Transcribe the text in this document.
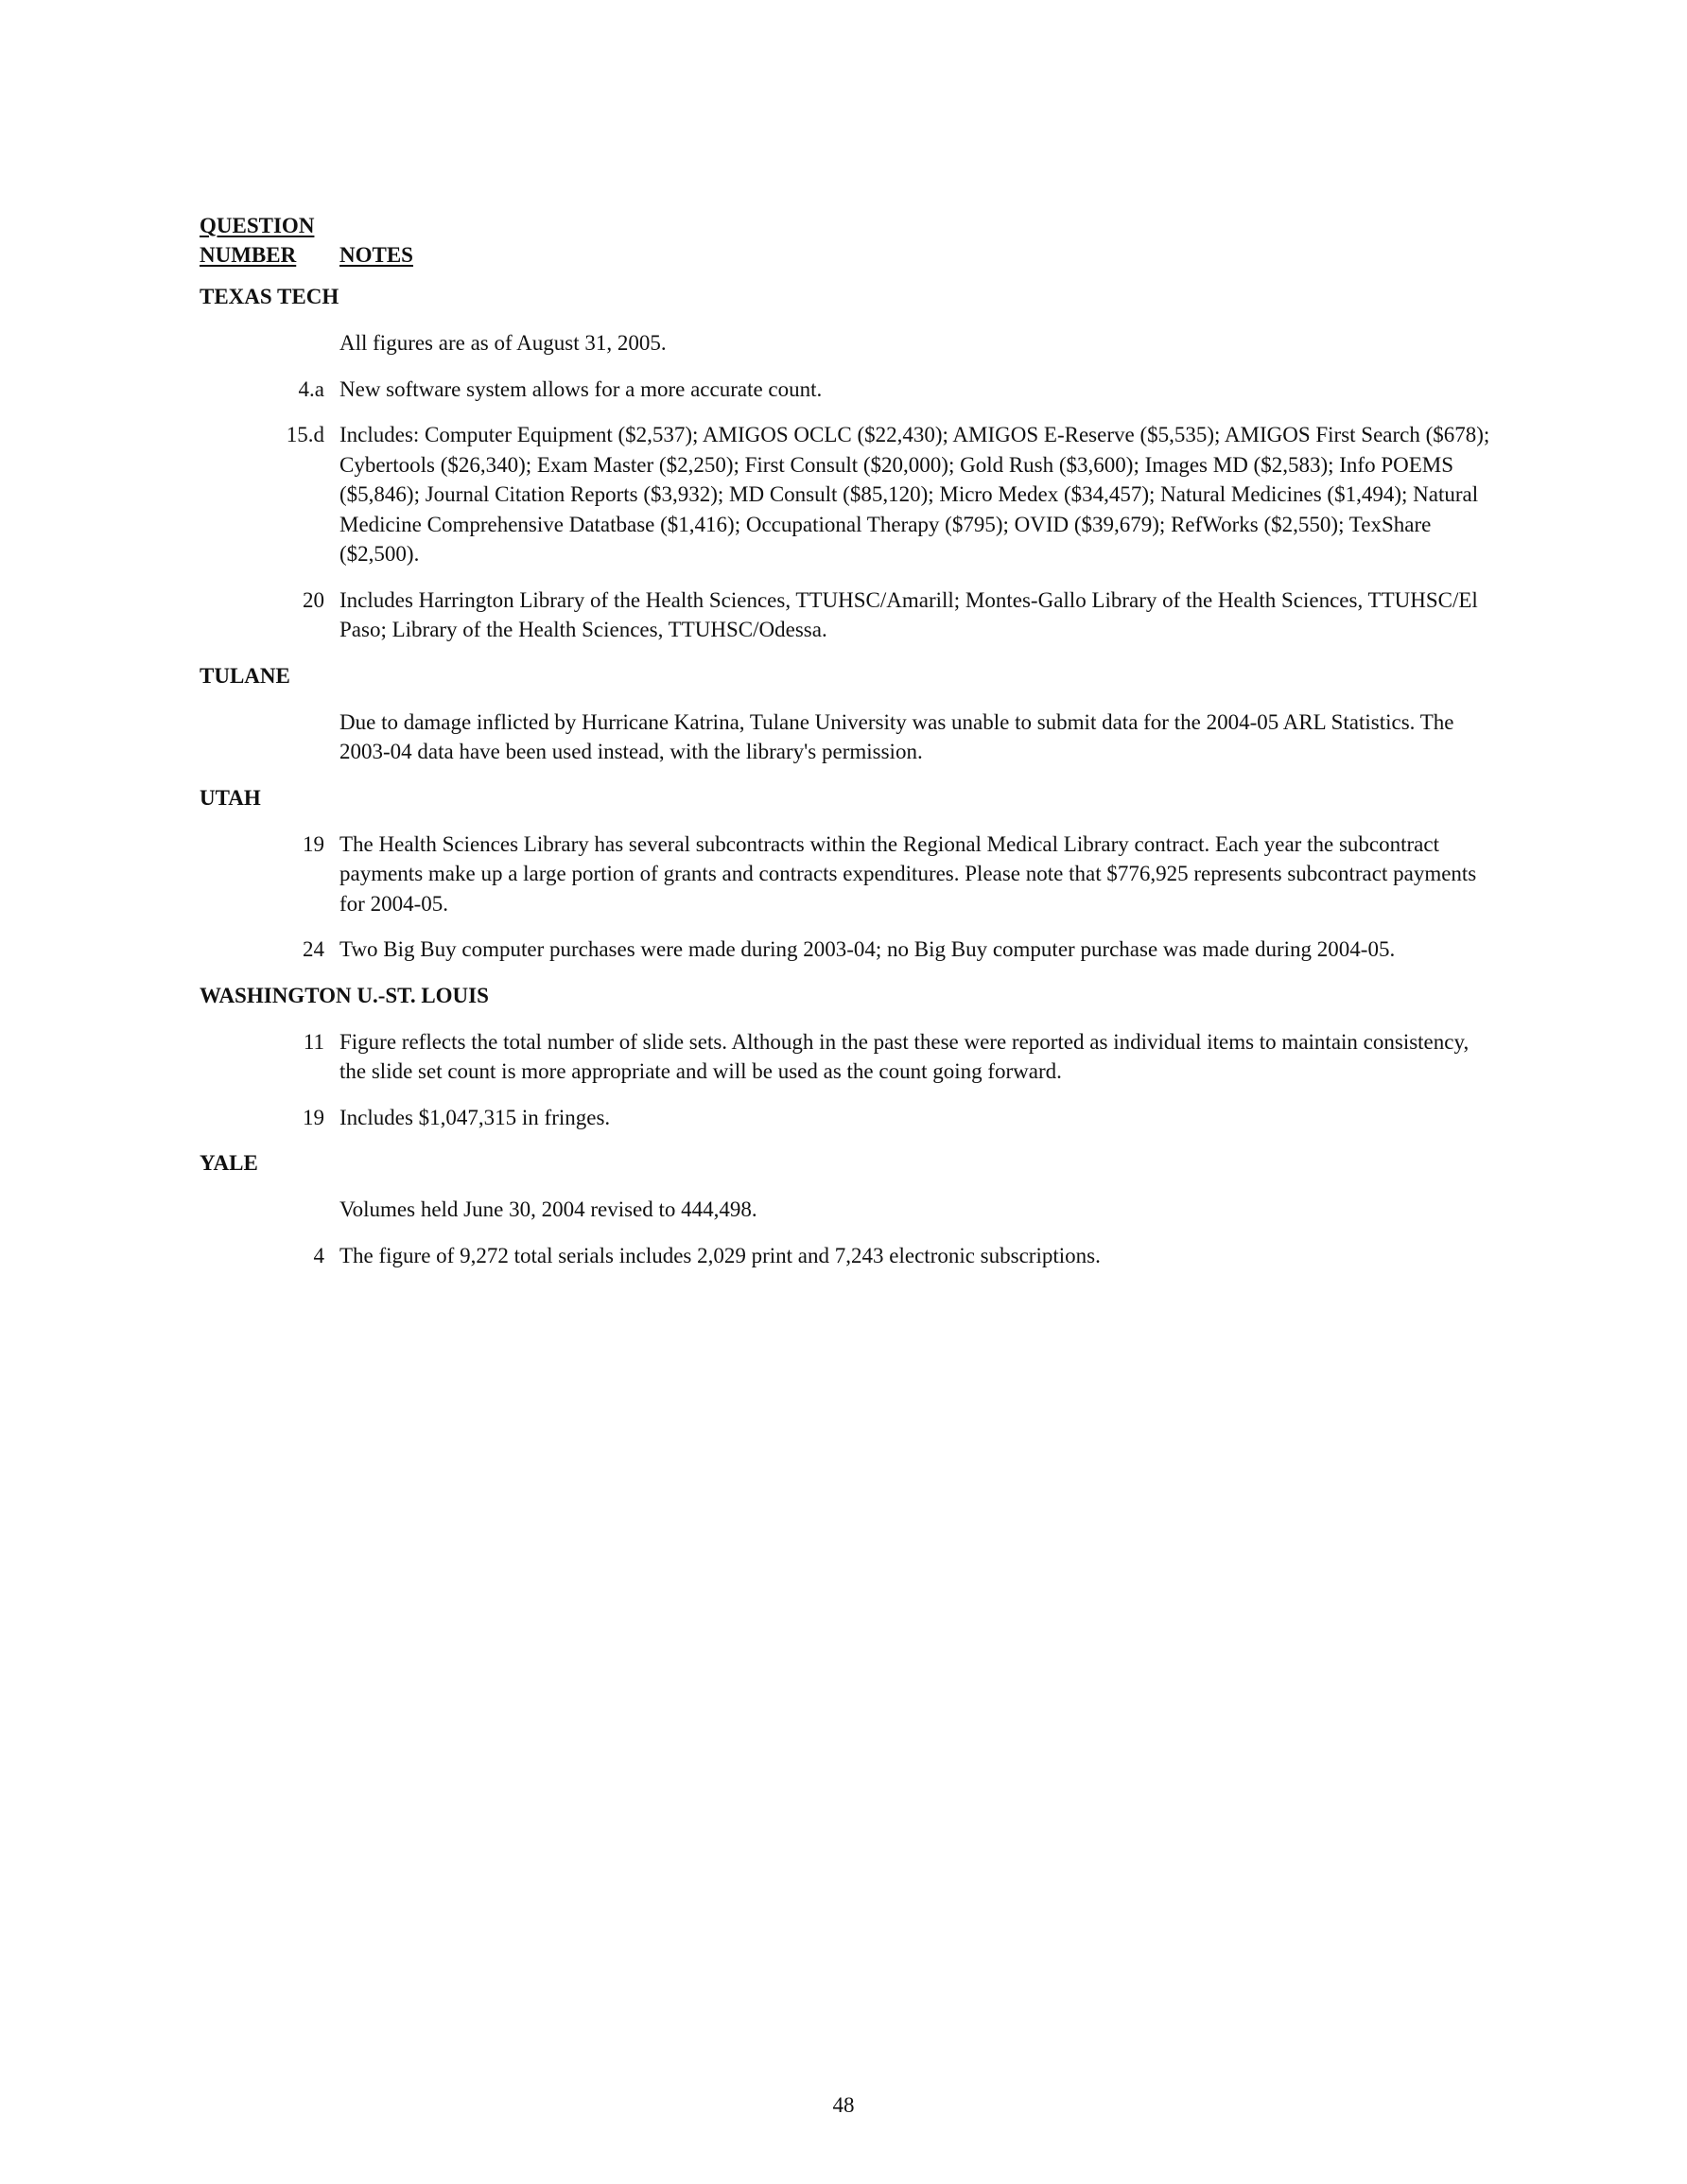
QUESTION
NUMBER	NOTES
TEXAS TECH
All figures are as of August 31, 2005.
4.a New software system allows for a more accurate count.
15.d Includes: Computer Equipment ($2,537); AMIGOS OCLC ($22,430); AMIGOS E-Reserve ($5,535); AMIGOS First Search ($678); Cybertools ($26,340); Exam Master ($2,250); First Consult ($20,000); Gold Rush ($3,600); Images MD ($2,583); Info POEMS ($5,846); Journal Citation Reports ($3,932); MD Consult ($85,120); Micro Medex ($34,457); Natural Medicines ($1,494); Natural Medicine Comprehensive Datatbase ($1,416); Occupational Therapy ($795); OVID ($39,679); RefWorks ($2,550); TexShare ($2,500).
20 Includes Harrington Library of the Health Sciences, TTUHSC/Amarill; Montes-Gallo Library of the Health Sciences, TTUHSC/El Paso; Library of the Health Sciences, TTUHSC/Odessa.
TULANE
Due to damage inflicted by Hurricane Katrina, Tulane University was unable to submit data for the 2004-05 ARL Statistics. The 2003-04 data have been used instead, with the library's permission.
UTAH
19 The Health Sciences Library has several subcontracts within the Regional Medical Library contract. Each year the subcontract payments make up a large portion of grants and contracts expenditures. Please note that $776,925 represents subcontract payments for 2004-05.
24 Two Big Buy computer purchases were made during 2003-04; no Big Buy computer purchase was made during 2004-05.
WASHINGTON U.-ST. LOUIS
11 Figure reflects the total number of slide sets. Although in the past these were reported as individual items to maintain consistency, the slide set count is more appropriate and will be used as the count going forward.
19 Includes $1,047,315 in fringes.
YALE
Volumes held June 30, 2004 revised to 444,498.
4 The figure of 9,272 total serials includes 2,029 print and 7,243 electronic subscriptions.
48
